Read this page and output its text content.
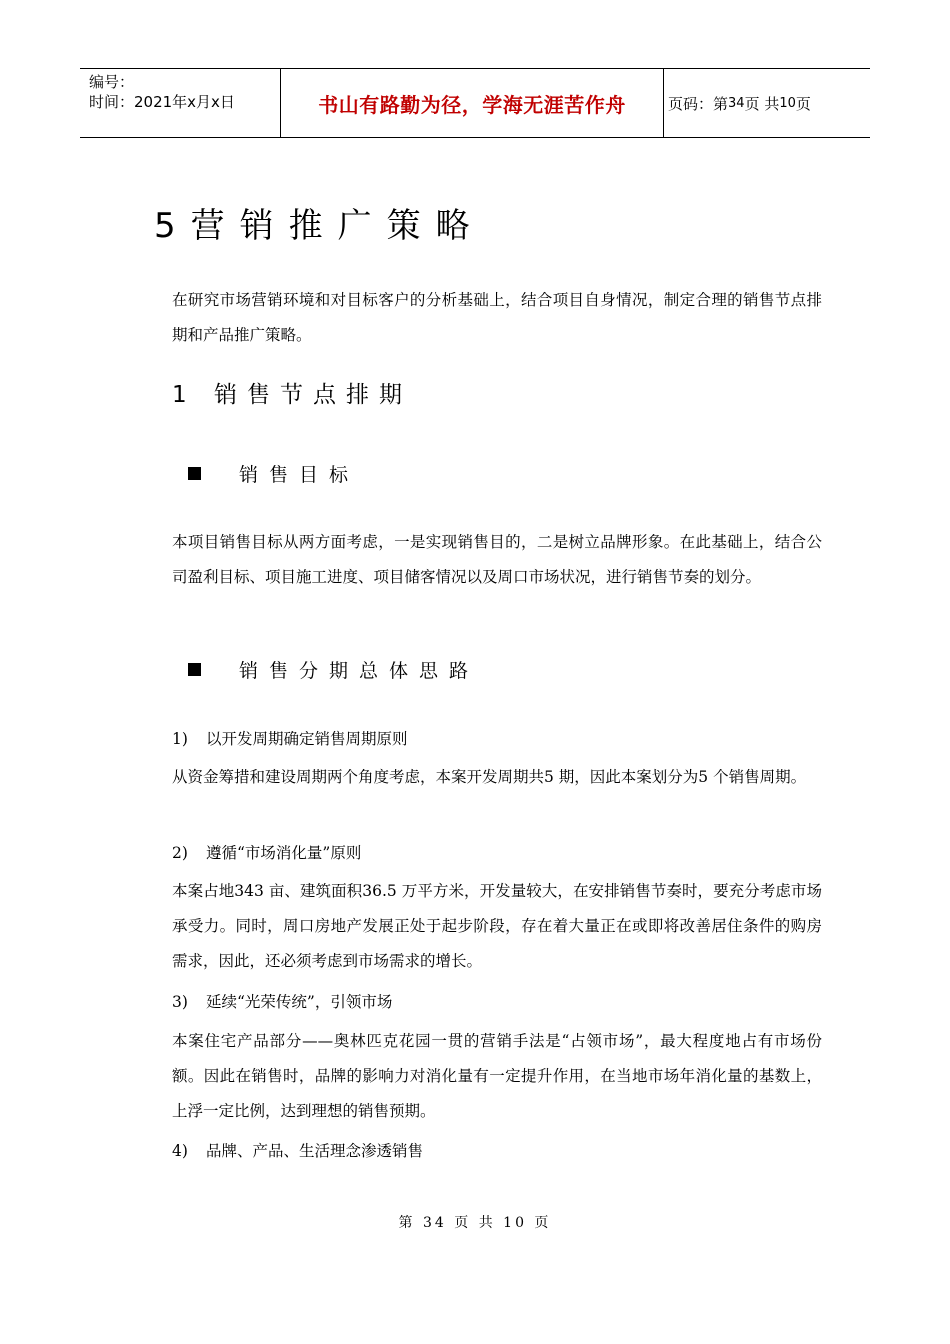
编号：
时间：2021年x月x日	书山有路勤为径，学海无涯苦作舟	页码：第 34 页 共 10 页
5营销推广策略

在研究市场营销环境和对目标客户的分析基础上，结合项目自身情况，制定合理的销售节点排期和产品推广策略。

1 销售节点排期
销售目标

本项目销售目标从两方面考虑，一是实现销售目的，二是树立品牌形象。在此基础上，结合公司盈利目标、项目施工进度、项目储客情况以及周口市场状况，进行销售节奏的划分。

销售分期总体思路
1)	以开发周期确定销售周期原则

从资金筹措和建设周期两个角度考虑，本案开发周期共5 期，因此本案划分为5 个销售周期。

2)	遵循“市场消化量”原则

本案占地343 亩、建筑面积36.5 万平方米，开发量较大，在安排销售节奏时，要充分考虑市场承受力。同时，周口房地产发展正处于起步阶段，存在着大量正在或即将改善居住条件的购房需求，因此，还必须考虑到市场需求的增长。

3)	延续“光荣传统”，引领市场

本案住宅产品部分——奥林匹克花园一贯的营销手法是“占领市场”，最大程度地占有市场份额。因此在销售时，品牌的影响力对消化量有一定提升作用，在当地市场年消化量的基数上，上浮一定比例，达到理想的销售预期。

4)	品牌、产品、生活理念渗透销售
第 34 页 共 10 页
